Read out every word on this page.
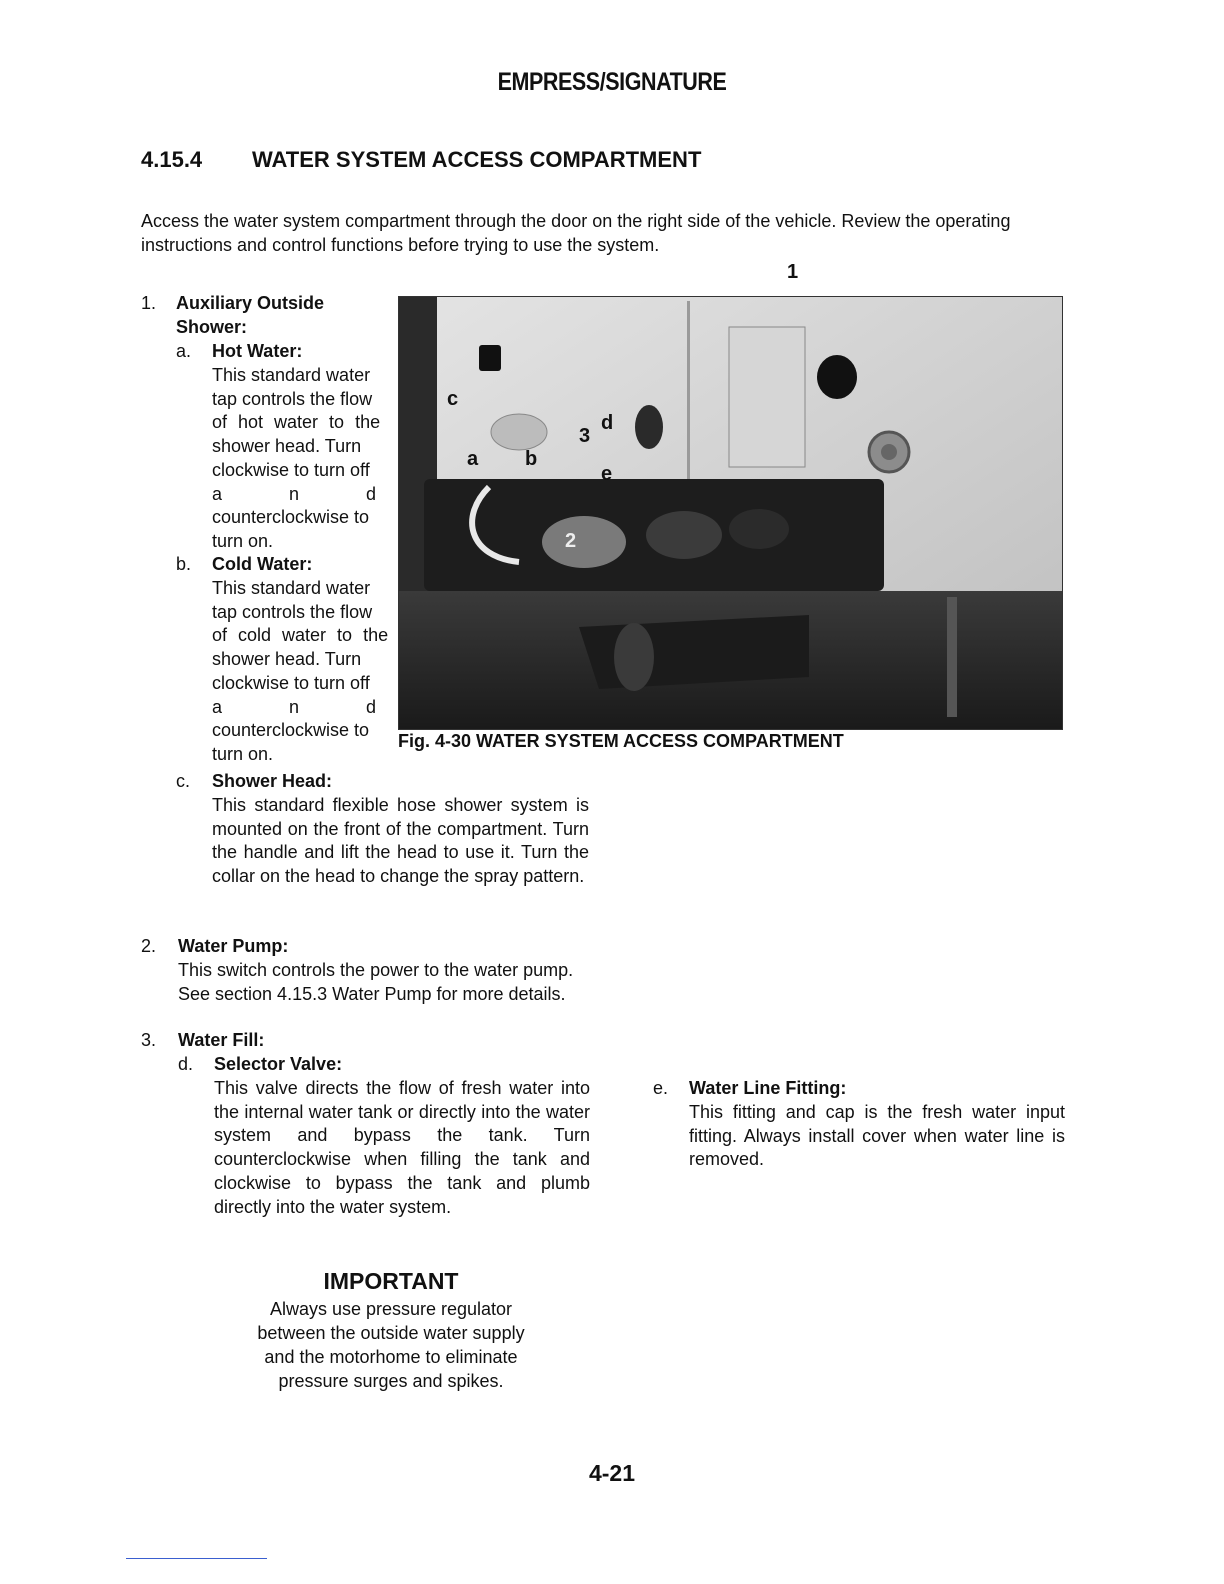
EMPRESS/SIGNATURE
4.15.4 WATER SYSTEM ACCESS COMPARTMENT
Access the water system compartment through the door on the right side of the vehicle. Review the operating instructions and control functions before trying to use the system.
1
1. Auxiliary Outside
Shower:
a. Hot Water:
This standard water
tap controls the flow
of hot water to the
shower head. Turn
clockwise to turn off
a n d
counterclockwise to
turn on.
b. Cold Water:
This standard water
tap controls the flow
of cold water to the
shower head. Turn
clockwise to turn off
a n d
counterclockwise to
turn on.
c
3
d
a b
e
2
Fig. 4-30 WATER SYSTEM ACCESS COMPARTMENT
c. Shower Head:
This standard flexible hose shower system is mounted on the front of the compartment. Turn the handle and lift the head to use it. Turn the collar on the head to change the spray pattern.
2. Water Pump:
This switch controls the power to the water pump. See section 4.15.3 Water Pump for more details.
3. Water Fill:
d. Selector Valve:
This valve directs the flow of fresh water into the internal water tank or directly into the water system and bypass the tank. Turn counterclockwise when filling the tank and clockwise to bypass the tank and plumb directly into the water system.
e. Water Line Fitting:
This fitting and cap is the fresh water input fitting. Always install cover when water line is removed.
IMPORTANT
Always use pressure regulator between the outside water supply and the motorhome to eliminate pressure surges and spikes.
4-21
